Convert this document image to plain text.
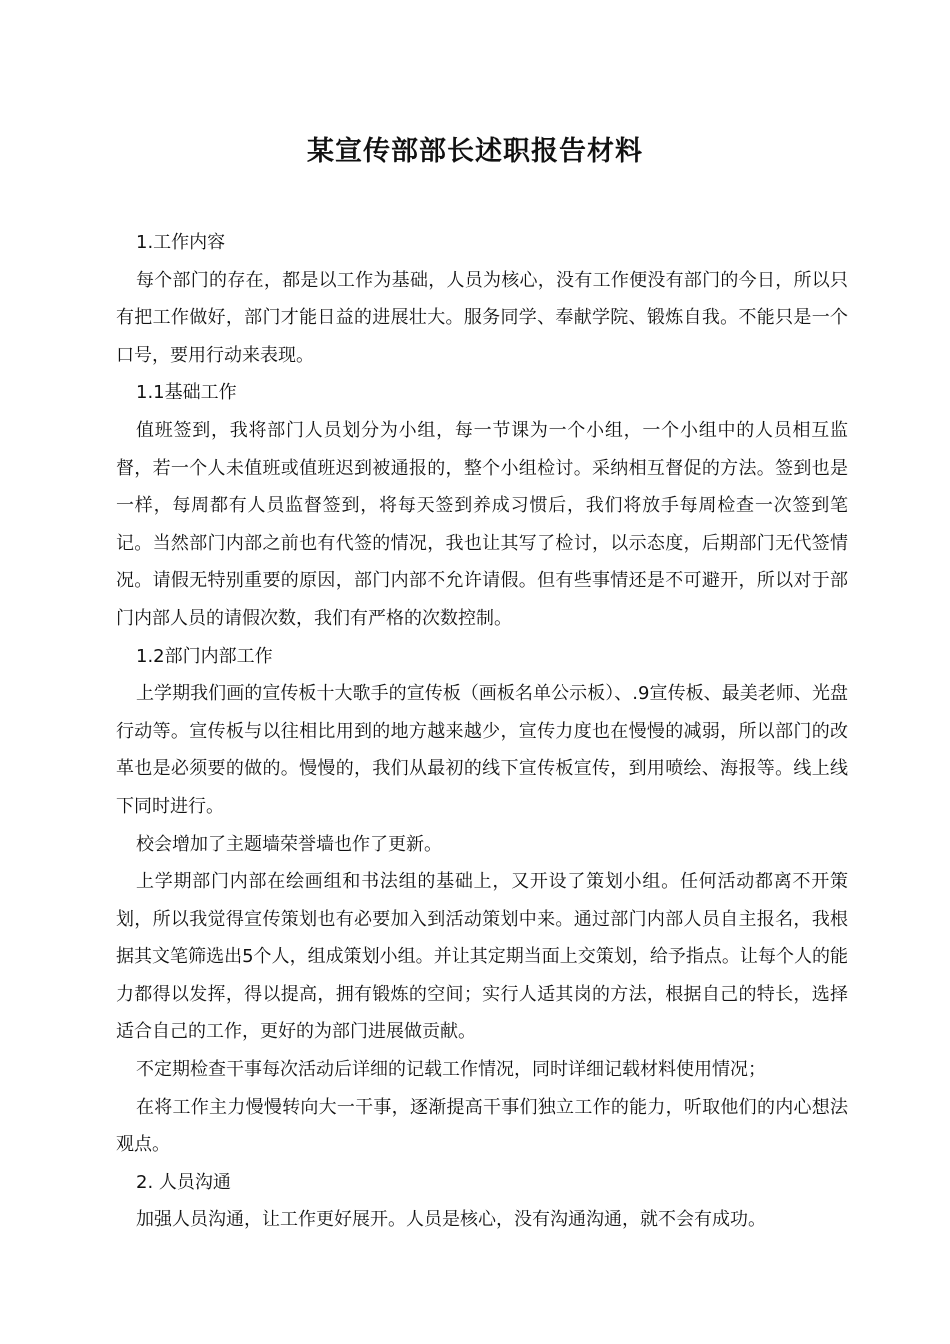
某宣传部部长述职报告材料

1.工作内容

每个部门的存在，都是以工作为基础，人员为核心，没有工作便没有部门的今日，所以只有把工作做好，部门才能日益的进展壮大。服务同学、奉献学院、锻炼自我。不能只是一个口号，要用行动来表现。

1.1基础工作

值班签到，我将部门人员划分为小组，每一节课为一个小组，一个小组中的人员相互监督，若一个人未值班或值班迟到被通报的，整个小组检讨。采纳相互督促的方法。签到也是一样，每周都有人员监督签到，将每天签到养成习惯后，我们将放手每周检查一次签到笔记。当然部门内部之前也有代签的情况，我也让其写了检讨，以示态度，后期部门无代签情况。请假无特别重要的原因，部门内部不允许请假。但有些事情还是不可避开，所以对于部门内部人员的请假次数，我们有严格的次数控制。

1.2部门内部工作

上学期我们画的宣传板十大歌手的宣传板（画板名单公示板）、.9宣传板、最美老师、光盘行动等。宣传板与以往相比用到的地方越来越少，宣传力度也在慢慢的减弱，所以部门的改革也是必须要的做的。慢慢的，我们从最初的线下宣传板宣传，到用喷绘、海报等。线上线下同时进行。

校会增加了主题墙荣誉墙也作了更新。

上学期部门内部在绘画组和书法组的基础上，又开设了策划小组。任何活动都离不开策划，所以我觉得宣传策划也有必要加入到活动策划中来。通过部门内部人员自主报名，我根据其文笔筛选出5个人，组成策划小组。并让其定期当面上交策划，给予指点。让每个人的能力都得以发挥，得以提高，拥有锻炼的空间；实行人适其岗的方法，根据自己的特长，选择适合自己的工作，更好的为部门进展做贡献。

不定期检查干事每次活动后详细的记载工作情况，同时详细记载材料使用情况；

在将工作主力慢慢转向大一干事，逐渐提高干事们独立工作的能力，听取他们的内心想法观点。

2. 人员沟通

加强人员沟通，让工作更好展开。人员是核心，没有沟通沟通，就不会有成功。
